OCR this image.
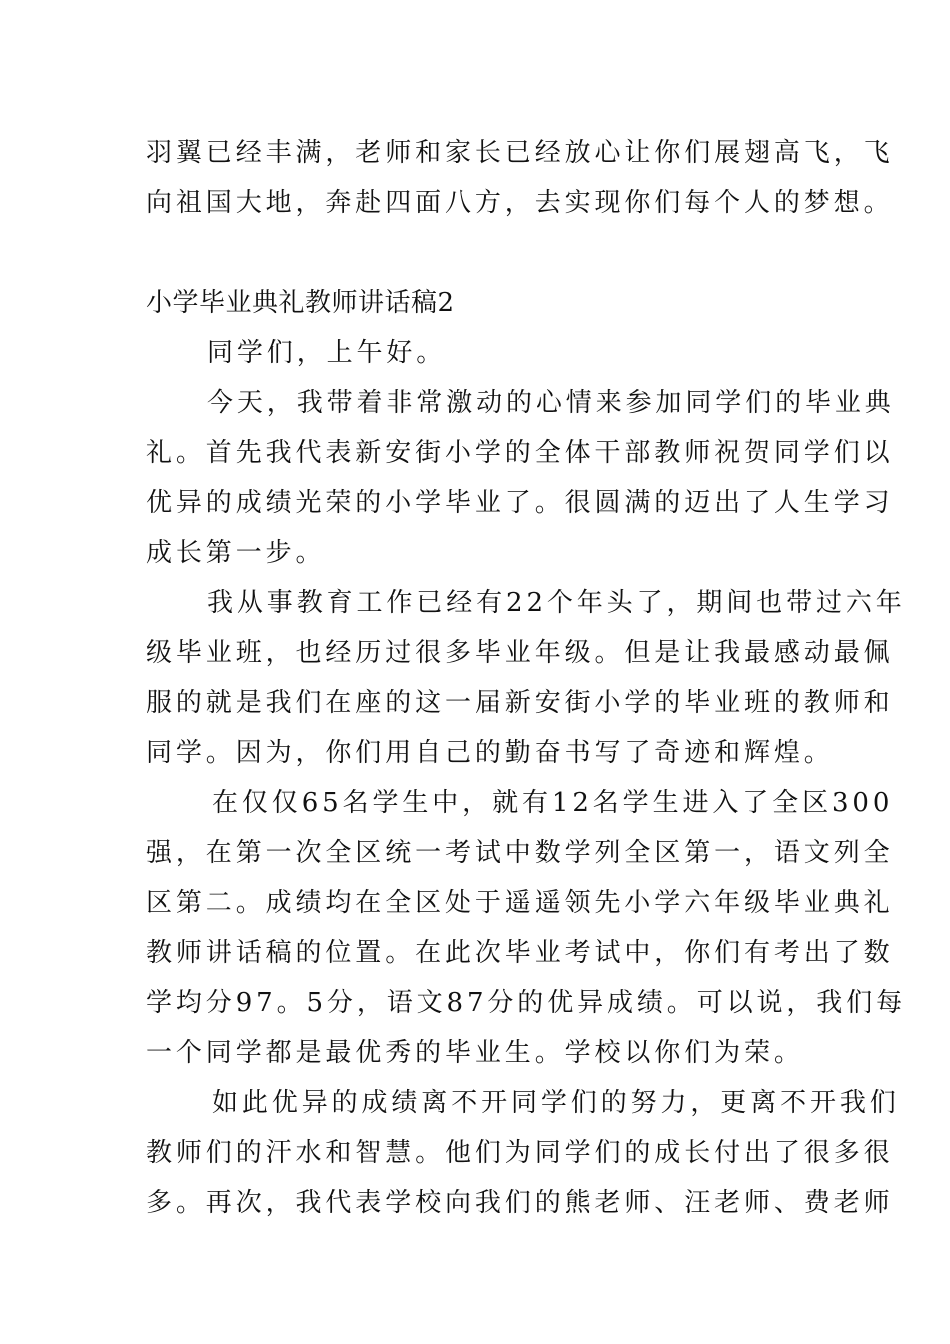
羽翼已经丰满，老师和家长已经放心让你们展翅高飞，飞
向祖国大地，奔赴四面八方，去实现你们每个人的梦想。
小学毕业典礼教师讲话稿2
同学们，上午好。
今天，我带着非常激动的心情来参加同学们的毕业典
礼。首先我代表新安街小学的全体干部教师祝贺同学们以
优异的成绩光荣的小学毕业了。很圆满的迈出了人生学习
成长第一步。
我从事教育工作已经有22个年头了，期间也带过六年
级毕业班，也经历过很多毕业年级。但是让我最感动最佩
服的就是我们在座的这一届新安街小学的毕业班的教师和
同学。因为，你们用自己的勤奋书写了奇迹和辉煌。
在仅仅65名学生中，就有12名学生进入了全区300
强，在第一次全区统一考试中数学列全区第一，语文列全
区第二。成绩均在全区处于遥遥领先小学六年级毕业典礼
教师讲话稿的位置。在此次毕业考试中，你们有考出了数
学均分97。5分，语文87分的优异成绩。可以说，我们每
一个同学都是最优秀的毕业生。学校以你们为荣。
如此优异的成绩离不开同学们的努力，更离不开我们
教师们的汗水和智慧。他们为同学们的成长付出了很多很
多。再次，我代表学校向我们的熊老师、汪老师、费老师
